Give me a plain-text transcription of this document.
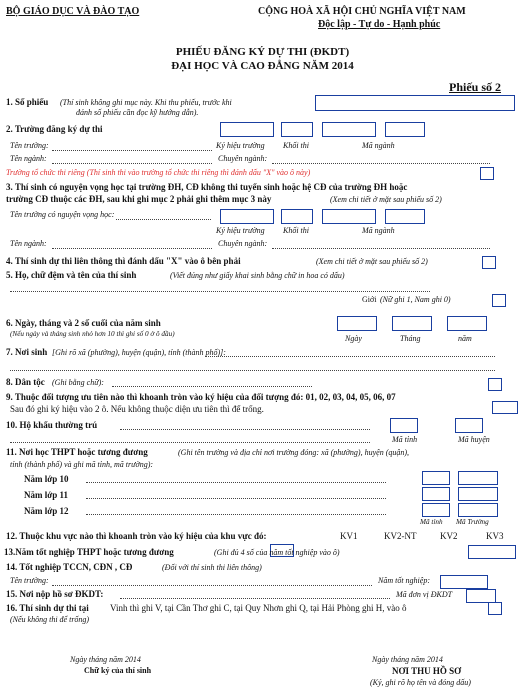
BỘ GIÁO DỤC VÀ ĐÀO TẠO	CỘNG HOÀ XÃ HỘI CHỦ NGHĨA VIỆT NAM
Độc lập - Tự do - Hạnh phúc
PHIẾU ĐĂNG KÝ DỰ THI (ĐKDT)
ĐẠI HỌC VÀ CAO ĐẲNG NĂM 2014
Phiếu số 2
1. Số phiếu (Thí sinh không ghi mục này. Khi thu phiếu, trước khi
đánh số phiếu cần đọc kỹ hướng dẫn).
2. Trường đăng ký dự thi
Tên trường:	Ký hiệu trường Khối thi	Mã ngành
Tên ngành:	Chuyên ngành:
Trường tổ chức thi riêng (Thí sinh thi vào trường tổ chức thi riêng thì đánh dấu "X" vào ô này)
3. Thí sinh có nguyện vọng học tại trường ĐH, CĐ không thi tuyển sinh hoặc hệ CĐ của trường ĐH hoặc
trường CĐ thuộc các ĐH, sau khi ghi mục 2 phải ghi thêm mục 3 này	(Xem chi tiết ở mặt sau phiếu số 2)
Tên trường có nguyện vọng học:
Ký hiệu trường Khối thi	Mã ngành
Tên ngành:	Chuyên ngành:
4. Thí sinh dự thi liên thông thì đánh dấu "X" vào ô bên phải	(Xem chi tiết ở mặt sau phiếu số 2)
5. Họ, chữ đệm và tên của thí sinh	(Viết đúng như giấy khai sinh bằng chữ in hoa có dấu)
Giới (Nữ ghi 1, Nam ghi 0)
6. Ngày, tháng và 2 số cuối của năm sinh
(Nếu ngày và tháng sinh nhỏ hơn 10 thì ghi số 0 ở ô đầu)	Ngày	Tháng	năm
7. Nơi sinh [Ghi rõ xã (phường), huyện (quận), tỉnh (thành phố)]:
8. Dân tộc (Ghi bằng chữ):
9. Thuộc đối tượng ưu tiên nào thì khoanh tròn vào ký hiệu của đối tượng đó: 01, 02, 03, 04, 05, 06, 07
Sau đó ghi ký hiệu vào 2 ô. Nếu không thuộc diện ưu tiên thì để trống.
10. Hộ khẩu thường trú
Mã tỉnh	Mã huyện
11. Nơi học THPT hoặc tương đương	(Ghi tên trường và địa chỉ nơi trường đóng: xã (phường), huyện (quận),
tỉnh (thành phố) và ghi mã tỉnh, mã trường):
Năm lớp 10
Năm lớp 11
Năm lớp 12
Mã tỉnh Mã Trường
12. Thuộc khu vực nào thì khoanh tròn vào ký hiệu của khu vực đó:	KV1	KV2-NT	KV2	KV3
13.Năm tốt nghiệp THPT hoặc tương đương	(Ghi đủ 4 số của năm tốt nghiệp vào ô)
14. Tốt nghiệp TCCN, CĐN , CĐ	(Đối với thí sinh thi liên thông)
Tên trường:	Năm tốt nghiệp:
15. Nơi nộp hồ sơ ĐKDT:	Mã đơn vị ĐKDT
16. Thí sinh dự thi tại Vinh thì ghi V, tại Cần Thơ ghi C, tại Quy Nhơn ghi Q, tại Hải Phòng ghi H, vào ô
(Nếu không thi để trống)
Ngày tháng năm 2014
Chữ ký của thí sinh
Ngày tháng năm 2014
NƠI THU HỒ SƠ
(Ký, ghi rõ họ tên và đóng dấu)
